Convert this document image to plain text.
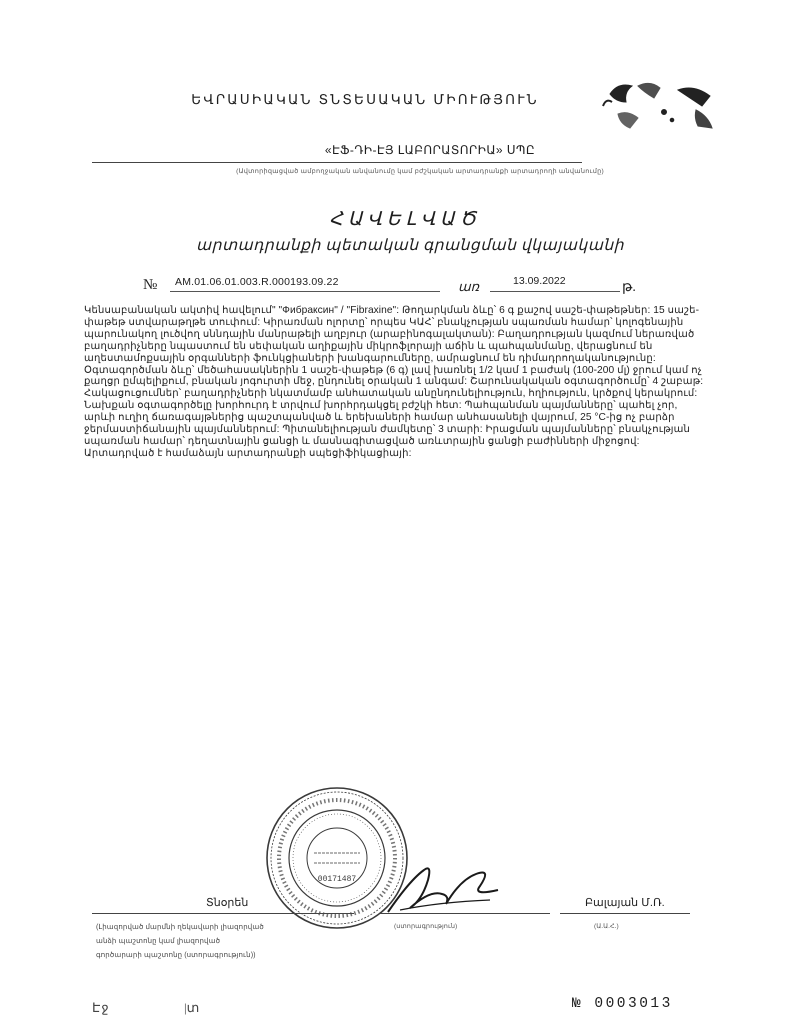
ԵՎՐԱՍԻԱԿԱՆ ՏՆՏԵՍԱԿԱՆ ՄԻՈՒԹՅՈՒՆ
«ԷՖ-ԴԻ-ԷՅ ԼԱԲՈՐԱՏՈՐԻԱ» ՍՊԸ
(Ավտորիզացված ամբողջական անվանումը կամ բժշկական արտադրանքի արտադրողի անվանումը)
ՀԱՎԵԼՎԱԾ
արտադրանքի պետական գրանցման վկայականի
№ AM.01.06.01.003.R.000193.09.22	առ	13.09.2022	թ.

Կենսաբանական ակտիվ հավելում" "Фибраксин" / "Fibraxine": Թողարկման ձևը՝ 6 գ քաշով սաշե-փաթեթներ: 15 սաշե-փաթեթ ստվարաթղթե տուփում: Կիրառման ոլորտը՝ որպես ԿԱՀ՝ բնակչության սպառման համար՝ կոլոգենային պարունակող լուծվող սննդային մանրաթելի աղբյուր (արաբինոգալակտան): Բաղադրության կազմում ներառված բաղադրիչները նպաստում են սեփական աղիքային միկրոֆլորայի աճին և պահպանմանը, վերացնում են աղեստամոքսային օրգանների ֆունկցիաների խանգարումները, ամրացնում են դիմադրողականությունը: Օգտագործման ձևը՝ մեծահասակներին 1 սաշե-փաթեթ (6 գ) լավ խառնել 1/2 կամ 1 բաժակ (100-200 մլ) ջրում կամ ոչ քաղցր ըմպելիքում, բնական յոգուրտի մեջ, ընդունել օրական 1 անգամ: Շարունակական օգտագործումը՝ 4 շաբաթ: Հակացուցումներ՝ բաղադրիչների նկատմամբ անհատական անընդունելիություն, հղիություն, կրծքով կերակրում: Նախքան օգտագործելը խորհուրդ է տրվում խորհրդակցել բժշկի հետ: Պահպանման պայմանները՝ պահել չոր, արևի ուղիղ ճառագայթներից պաշտպանված և երեխաների համար անհասանելի վայրում, 25 °C-ից ոչ բարձր ջերմաստիճանային պայմաններում: Պիտանելիության ժամկետը՝ 3 տարի: Իրացման պայմանները՝ բնակչության սպառման համար՝ դեղատնային ցանցի և մասնագիտացված առևտրային ցանցի բաժինների միջոցով: Արտադրված է համաձայն արտադրանքի սպեցիֆիկացիայի:

00171487
Տնօրեն
(Լիազորված մարմնի ղեկավարի լիազորված
անձի պաշտոնը կամ լիազորված
գործարարի պաշտոնը (ստորագրություն))
(ստորագրություն)
Բալայան Մ.Ռ.
(Ա.Ա.Հ.)
Էջ	|տ	№ 0003013
